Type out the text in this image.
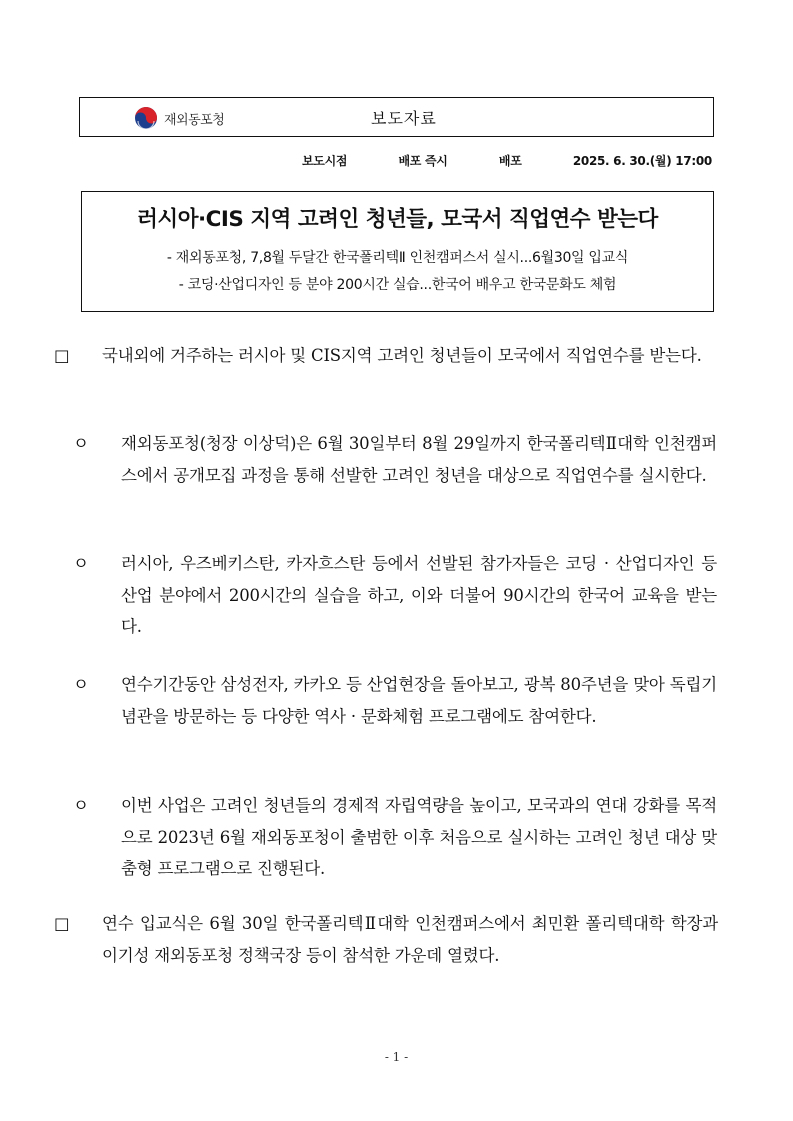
재외동포청	보도자료
보도시점	배포 즉시	배포	2025. 6. 30.(월) 17:00
러시아·CIS 지역 고려인 청년들, 모국서 직업연수 받는다
- 재외동포청, 7,8월 두달간 한국폴리텍Ⅱ 인천캠퍼스서 실시...6월30일 입교식
- 코딩·산업디자인 등 분야 200시간 실습...한국어 배우고 한국문화도 체험
□ 국내외에 거주하는 러시아 및 CIS지역 고려인 청년들이 모국에서 직업연수를 받는다.
ㅇ 재외동포청(청장 이상덕)은 6월 30일부터 8월 29일까지 한국폴리텍Ⅱ대학 인천캠퍼스에서 공개모집 과정을 통해 선발한 고려인 청년을 대상으로 직업연수를 실시한다.
ㅇ 러시아, 우즈베키스탄, 카자흐스탄 등에서 선발된 참가자들은 코딩 · 산업디자인 등 산업 분야에서 200시간의 실습을 하고, 이와 더불어 90시간의 한국어 교육을 받는다.
ㅇ 연수기간동안 삼성전자, 카카오 등 산업현장을 돌아보고, 광복 80주년을 맞아 독립기념관을 방문하는 등 다양한 역사 · 문화체험 프로그램에도 참여한다.
ㅇ 이번 사업은 고려인 청년들의 경제적 자립역량을 높이고, 모국과의 연대 강화를 목적으로 2023년 6월 재외동포청이 출범한 이후 처음으로 실시하는 고려인 청년 대상 맞춤형 프로그램으로 진행된다.
□ 연수 입교식은 6월 30일 한국폴리텍Ⅱ대학 인천캠퍼스에서 최민환 폴리텍대학 학장과 이기성 재외동포청 정책국장 등이 참석한 가운데 열렸다.
- 1 -
